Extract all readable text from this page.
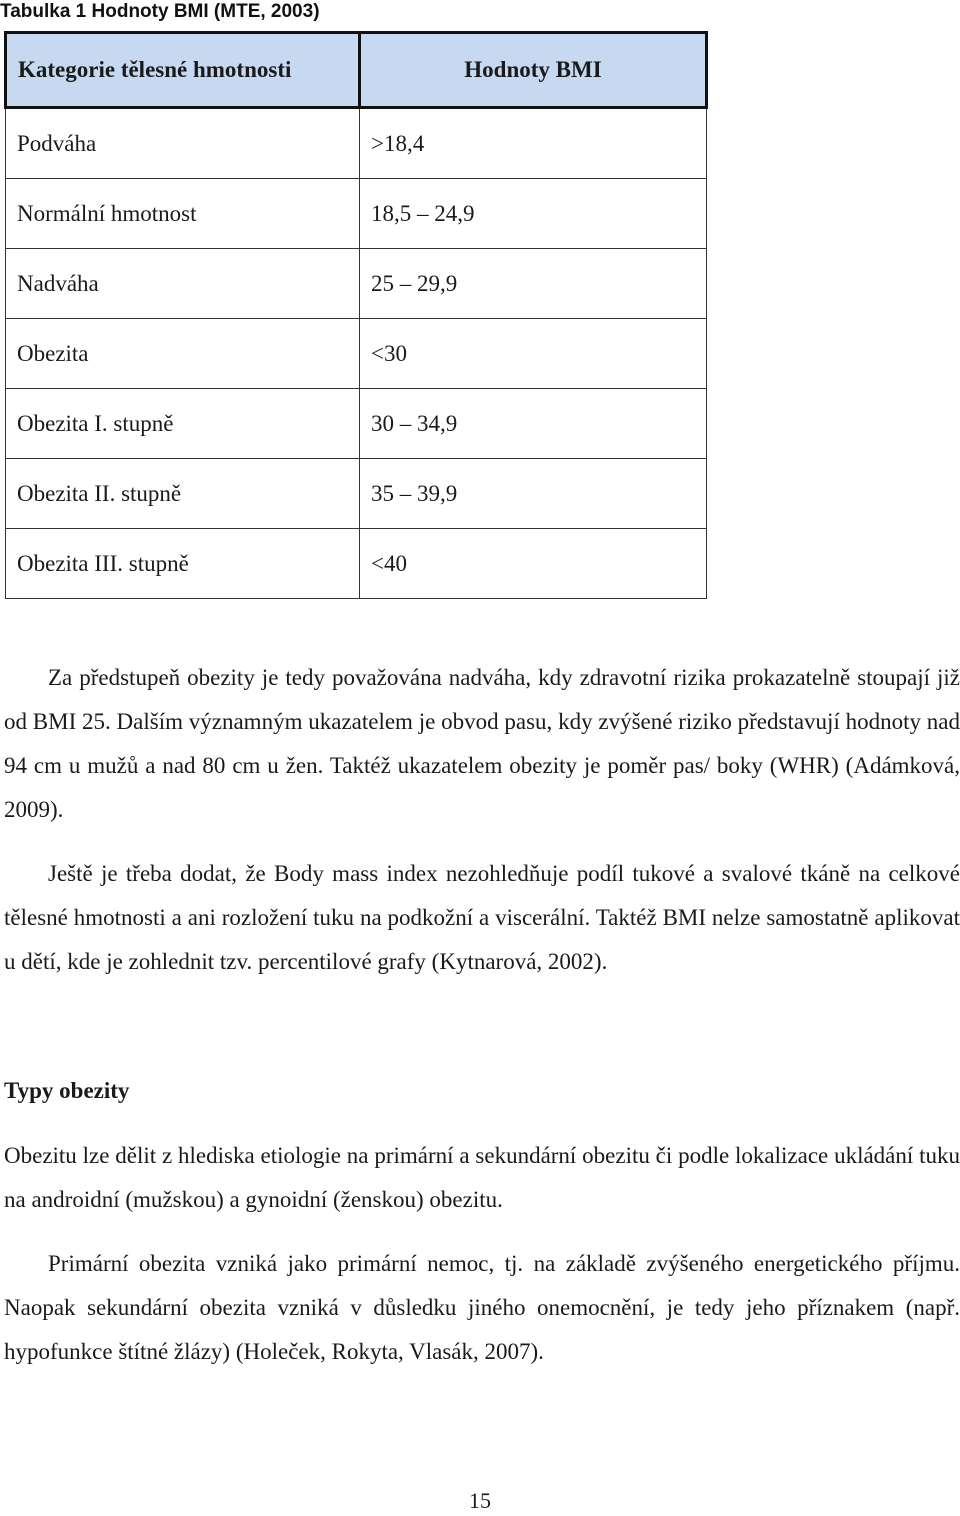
Tabulka 1 Hodnoty BMI (MTE, 2003)
Kategorie tělesné hmotnosti	Hodnoty BMI
Podváha	>18,4
Normální hmotnost	18,5 – 24,9
Nadváha	25 – 29,9
Obezita	<30
Obezita I. stupně	30 – 34,9
Obezita II. stupně	35 – 39,9
Obezita III. stupně	<40

Za předstupeň obezity je tedy považována nadváha, kdy zdravotní rizika prokazatelně stoupají již od BMI 25. Dalším významným ukazatelem je obvod pasu, kdy zvýšené riziko představují hodnoty nad 94 cm u mužů a nad 80 cm u žen. Taktéž ukazatelem obezity je poměr pas/ boky (WHR) (Adámková, 2009).

Ještě je třeba dodat, že Body mass index nezohledňuje podíl tukové a svalové tkáně na celkové tělesné hmotnosti a ani rozložení tuku na podkožní a viscerální. Taktéž BMI nelze samostatně aplikovat u dětí, kde je zohlednit tzv. percentilové grafy (Kytnarová, 2002).

Typy obezity

Obezitu lze dělit z hlediska etiologie na primární a sekundární obezitu či podle lokalizace ukládání tuku na androidní (mužskou) a gynoidní (ženskou) obezitu.

Primární obezita vzniká jako primární nemoc, tj. na základě zvýšeného energetického příjmu. Naopak sekundární obezita vzniká v důsledku jiného onemocnění, je tedy jeho příznakem (např. hypofunkce štítné žlázy) (Holeček, Rokyta, Vlasák, 2007).

15
